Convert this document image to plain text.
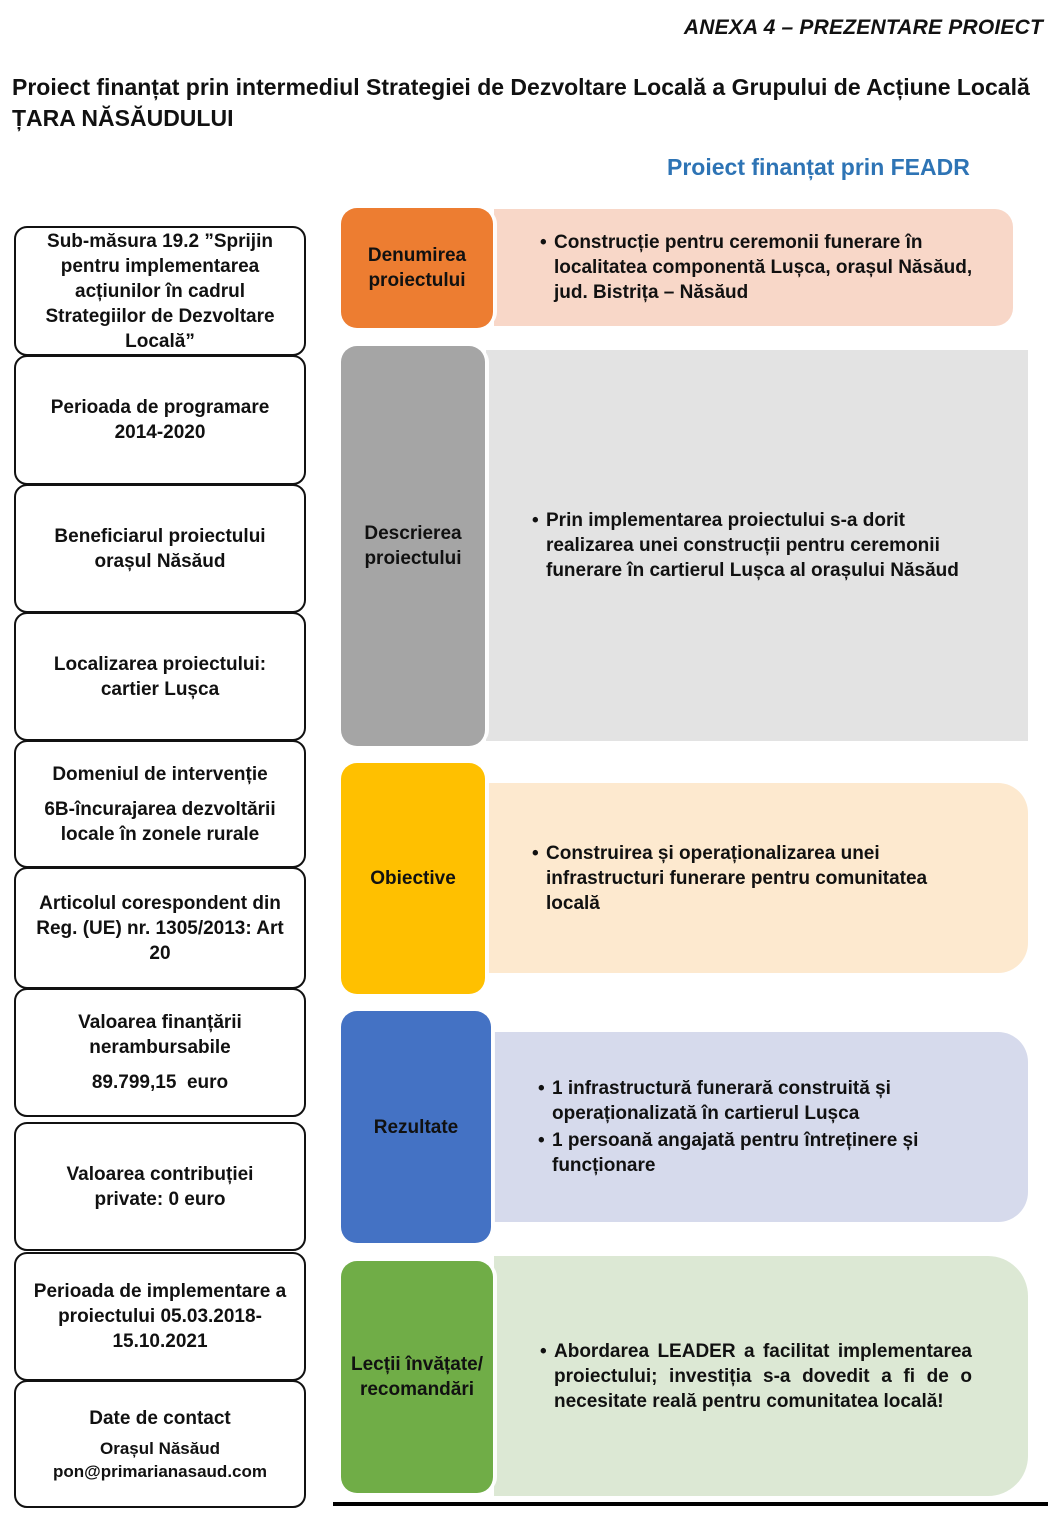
ANEXA 4 – PREZENTARE PROIECT
Proiect finanțat prin intermediul Strategiei de Dezvoltare Locală a Grupului de Acțiune Locală ȚARA NĂSĂUDULUI
Proiect finanțat prin FEADR
Sub-măsura 19.2 ”Sprijin pentru implementarea acțiunilor în cadrul Strategiilor de Dezvoltare Locală”
Perioada de programare 2014-2020
Beneficiarul proiectului orașul Năsăud
Localizarea proiectului: cartier Lușca
Domeniul de intervenție
6B-încurajarea dezvoltării locale în zonele rurale
Articolul corespondent din Reg. (UE) nr. 1305/2013: Art 20
Valoarea finanțării nerambursabile
89.799,15  euro
Valoarea contribuției private: 0 euro
Perioada de implementare a proiectului 05.03.2018-15.10.2021
Date de contact
Orașul Năsăud
pon@primarianasaud.com
Denumirea proiectului
• Construcție pentru ceremonii funerare în localitatea componentă Lușca, orașul Năsăud, jud. Bistrița – Năsăud
Descrierea proiectului
• Prin implementarea proiectului s-a dorit realizarea unei construcții pentru ceremonii funerare în cartierul Lușca al orașului Năsăud
Obiective
• Construirea și operaționalizarea unei infrastructuri funerare pentru comunitatea locală
Rezultate
• 1 infrastructură funerară construită și operaționalizată în cartierul Lușca
• 1 persoană angajată pentru întreținere și funcționare
Lecții învățate/ recomandări
• Abordarea LEADER a facilitat implementarea proiectului; investiția s-a dovedit a fi de o necesitate reală pentru comunitatea locală!
